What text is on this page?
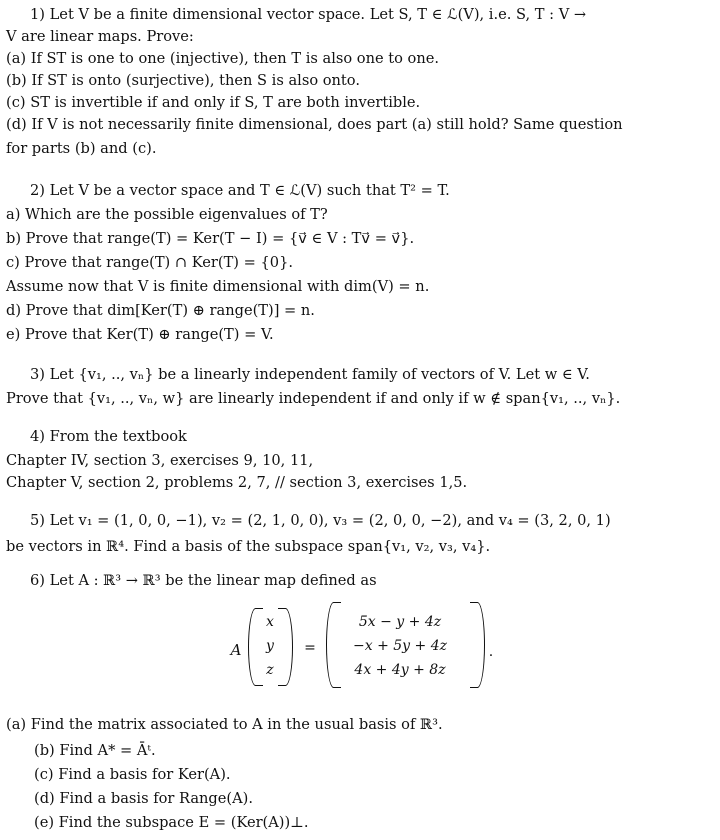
1) Let V be a finite dimensional vector space. Let S, T ∈ ℒ(V), i.e. S, T : V →
V are linear maps. Prove:
(a) If ST is one to one (injective), then T is also one to one.
(b) If ST is onto (surjective), then S is also onto.
(c) ST is invertible if and only if S, T are both invertible.
(d) If V is not necessarily finite dimensional, does part (a) still hold? Same question
for parts (b) and (c).
2) Let V be a vector space and T ∈ ℒ(V) such that T² = T.
a) Which are the possible eigenvalues of T?
b) Prove that range(T) = Ker(T − I) = {v⃗ ∈ V : Tv⃗ = v⃗}.
c) Prove that range(T) ∩ Ker(T) = {0}.
Assume now that V is finite dimensional with dim(V) = n.
d) Prove that dim[Ker(T) ⊕ range(T)] = n.
e) Prove that Ker(T) ⊕ range(T) = V.
3) Let {v₁, .., vₙ} be a linearly independent family of vectors of V. Let w ∈ V.
Prove that {v₁, .., vₙ, w} are linearly independent if and only if w ∉ span{v₁, .., vₙ}.
4) From the textbook
Chapter IV, section 3, exercises 9, 10, 11,
Chapter V, section 2, problems 2, 7, // section 3, exercises 1,5.
5) Let v₁ = (1, 0, 0, −1), v₂ = (2, 1, 0, 0), v₃ = (2, 0, 0, −2), and v₄ = (3, 2, 0, 1)
be vectors in ℝ⁴. Find a basis of the subspace span{v₁, v₂, v₃, v₄}.
6) Let A : ℝ³ → ℝ³ be the linear map defined as
A
x
y
z
=
5x − y + 4z
−x + 5y + 4z
4x + 4y + 8z
.
(a) Find the matrix associated to A in the usual basis of ℝ³.
(b) Find A* = Āᵗ.
(c) Find a basis for Ker(A).
(d) Find a basis for Range(A).
(e) Find the subspace E = (Ker(A))⊥.
